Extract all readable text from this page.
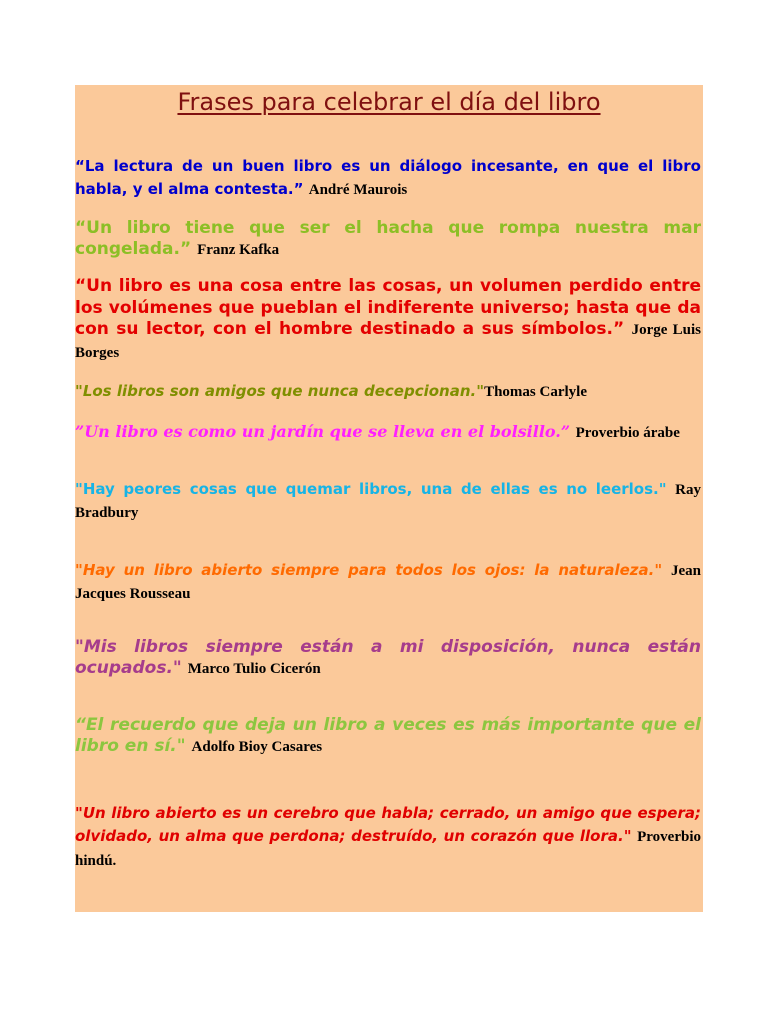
Frases para celebrar el día del libro
“La lectura de un buen libro es un diálogo incesante, en que el libro habla, y el alma contesta.” André Maurois
“Un libro tiene que ser el hacha que rompa nuestra mar congelada.” Franz Kafka
“Un libro es una cosa entre las cosas, un volumen perdido entre los volúmenes que pueblan el indiferente universo; hasta que da con su lector, con el hombre destinado a sus símbolos.” Jorge Luis Borges
"Los libros son amigos que nunca decepcionan."Thomas Carlyle
”Un libro es como un jardín que se lleva en el bolsillo.” Proverbio árabe
"Hay peores cosas que quemar libros, una de ellas es no leerlos." Ray Bradbury
"Hay un libro abierto siempre para todos los ojos: la naturaleza." Jean Jacques Rousseau
"Mis libros siempre están a mi disposición, nunca están ocupados." Marco Tulio Cicerón
“El recuerdo que deja un libro a veces es más importante que el libro en sí." Adolfo Bioy Casares
"Un libro abierto es un cerebro que habla; cerrado, un amigo que espera; olvidado, un alma que perdona; destruído, un corazón que llora." Proverbio hindú.
